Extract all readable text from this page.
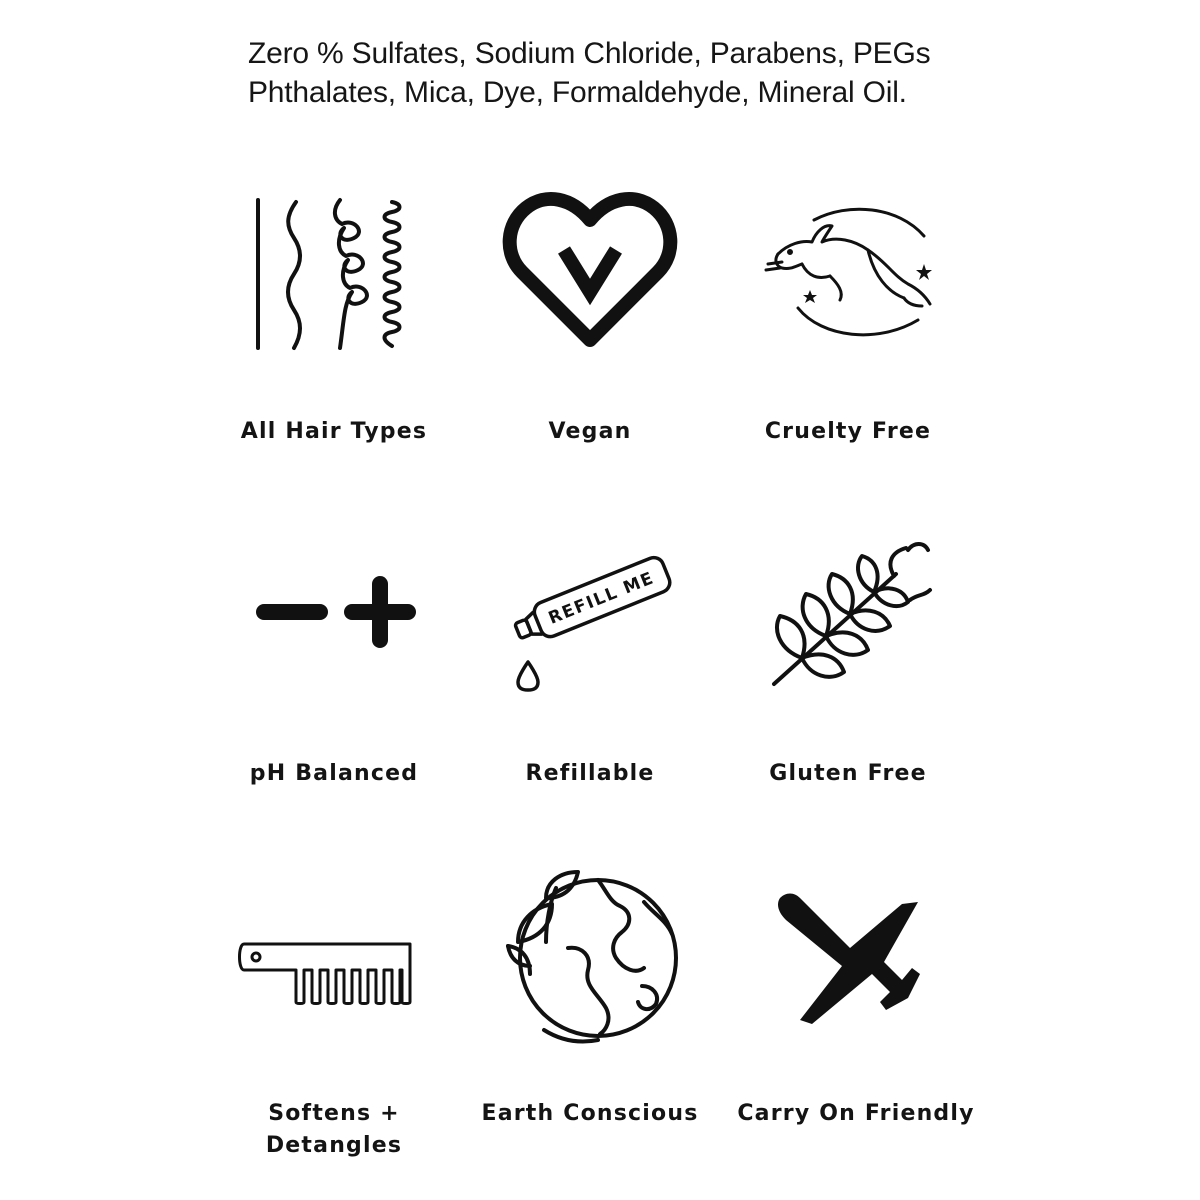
Zero % Sulfates, Sodium Chloride, Parabens, PEGs
Phthalates, Mica, Dye, Formaldehyde, Mineral Oil.
All Hair Types	Vegan	Cruelty Free
pH Balanced
REFILL ME
Refillable	Gluten Free
Softens +
Detangles
Earth Conscious	Carry On Friendly
